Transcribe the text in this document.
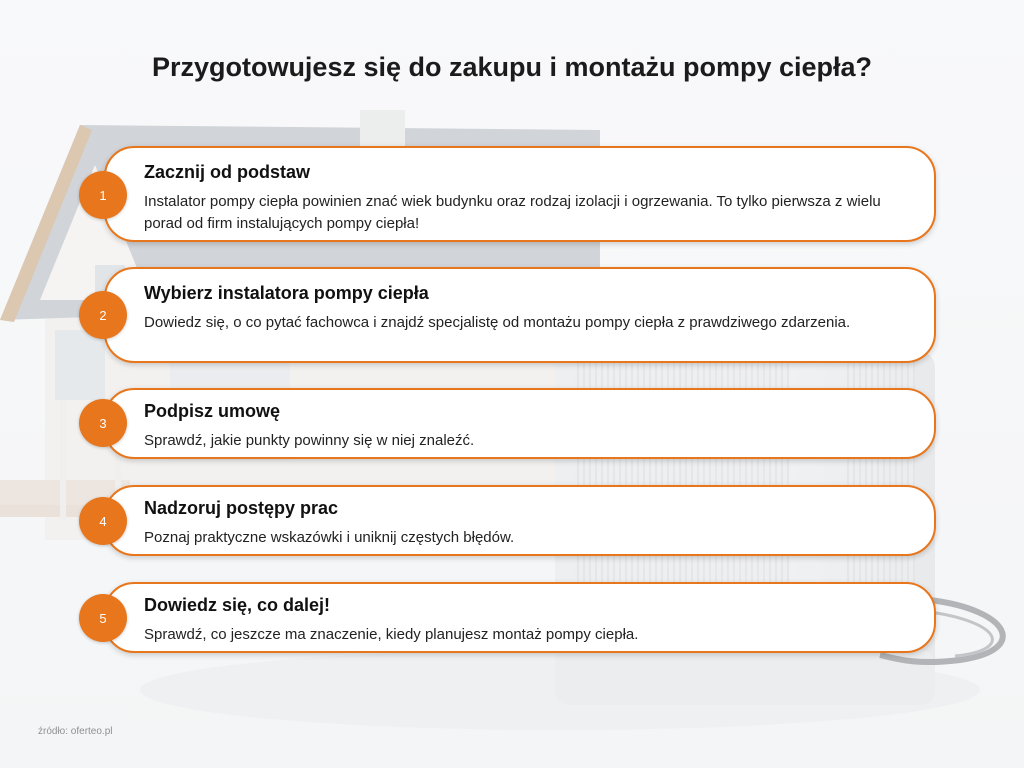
Przygotowujesz się do zakupu i montażu pompy ciepła?
Zacznij od podstaw
Instalator pompy ciepła powinien znać wiek budynku oraz rodzaj izolacji i ogrzewania. To tylko pierwsza z wielu porad od firm instalujących pompy ciepła!
1
Wybierz instalatora pompy ciepła
Dowiedz się, o co pytać fachowca i znajdź specjalistę od montażu pompy ciepła z prawdziwego zdarzenia.
2
Podpisz umowę
Sprawdź, jakie punkty powinny się w niej znaleźć.
3
Nadzoruj postępy prac
Poznaj praktyczne wskazówki i uniknij częstych błędów.
4
Dowiedz się, co dalej!
Sprawdź, co jeszcze ma znaczenie, kiedy planujesz montaż pompy ciepła.
5
źródło: oferteo.pl
